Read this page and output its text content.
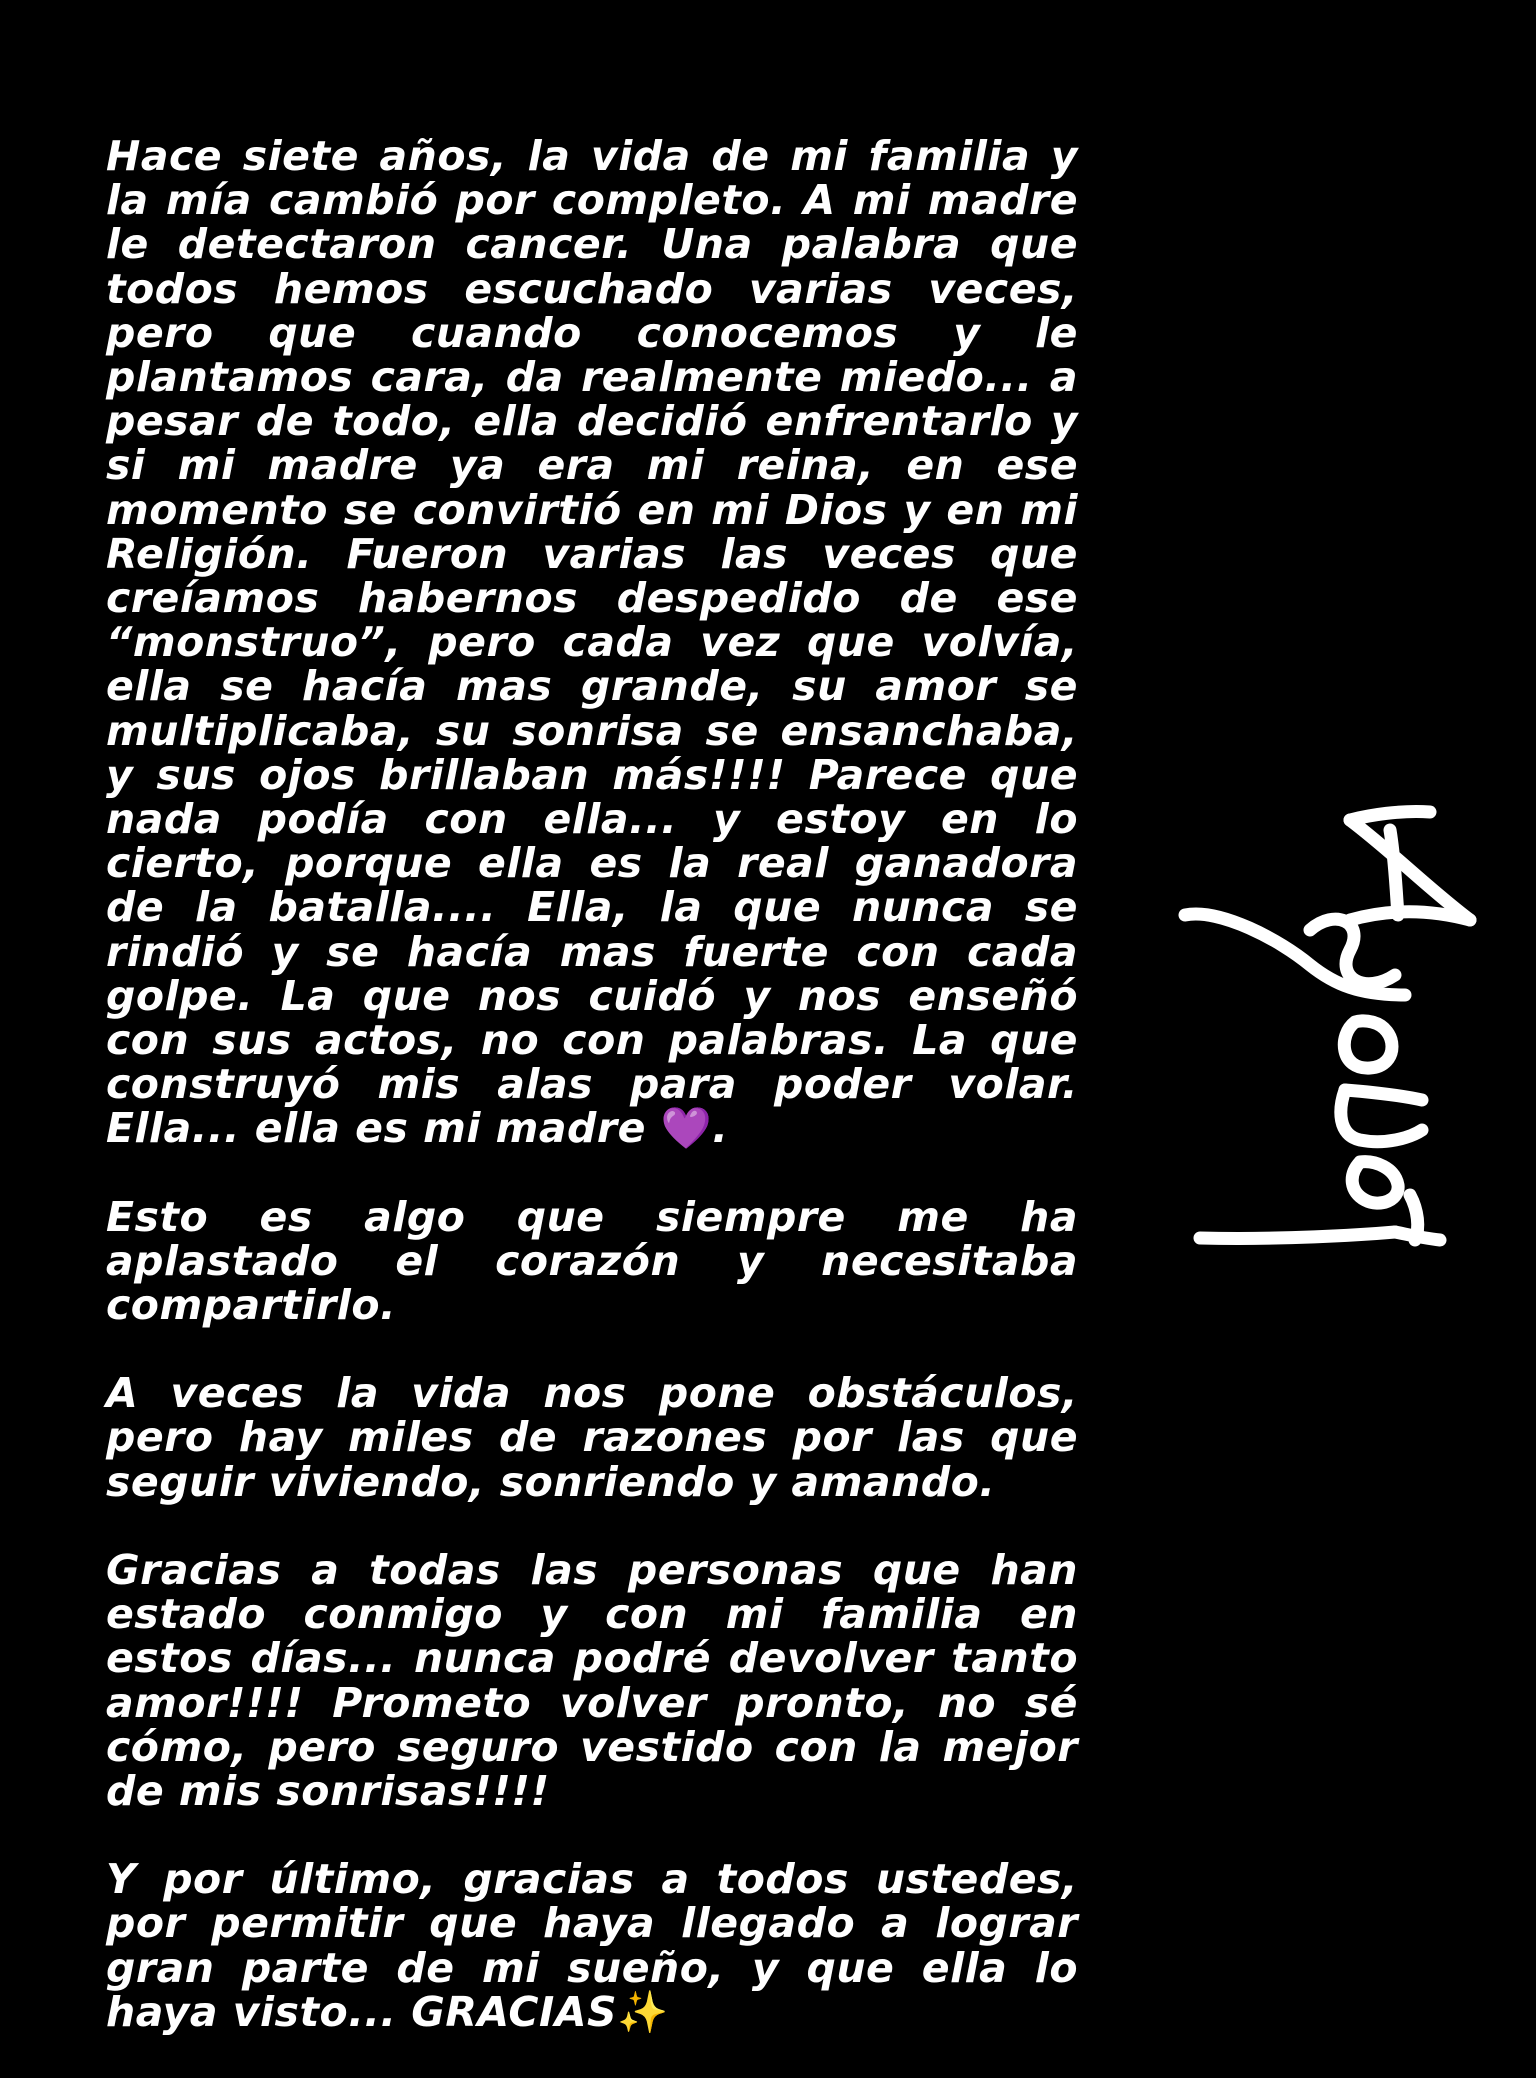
Hace siete años, la vida de mi familia y la mía cambió por completo. A mi madre le detectaron cancer. Una palabra que todos hemos escuchado varias veces, pero que cuando conocemos y le plantamos cara, da realmente miedo... a pesar de todo, ella decidió enfrentarlo y si mi madre ya era mi reina, en ese momento se convirtió en mi Dios y en mi Religión. Fueron varias las veces que creíamos habernos despedido de ese “monstruo”, pero cada vez que volvía, ella se hacía mas grande, su amor se multiplicaba, su sonrisa se ensanchaba, y sus ojos brillaban más!!!! Parece que nada podía con ella... y estoy en lo cierto, porque ella es la real ganadora de la batalla.... Ella, la que nunca se rindió y se hacía mas fuerte con cada golpe. La que nos cuidó y nos enseñó con sus actos, no con palabras. La que construyó mis alas para poder volar. Ella... ella es mi madre 💜.

Esto es algo que siempre me ha aplastado el corazón y necesitaba compartirlo.

A veces la vida nos pone obstáculos, pero hay miles de razones por las que seguir viviendo, sonriendo y amando.

Gracias a todas las personas que han estado conmigo y con mi familia en estos días... nunca podré devolver tanto amor!!!! Prometo volver pronto, no sé cómo, pero seguro vestido con la mejor de mis sonrisas!!!!

Y por último, gracias a todos ustedes, por permitir que haya llegado a lograr gran parte de mi sueño, y que ella lo haya visto... GRACIAS✨
